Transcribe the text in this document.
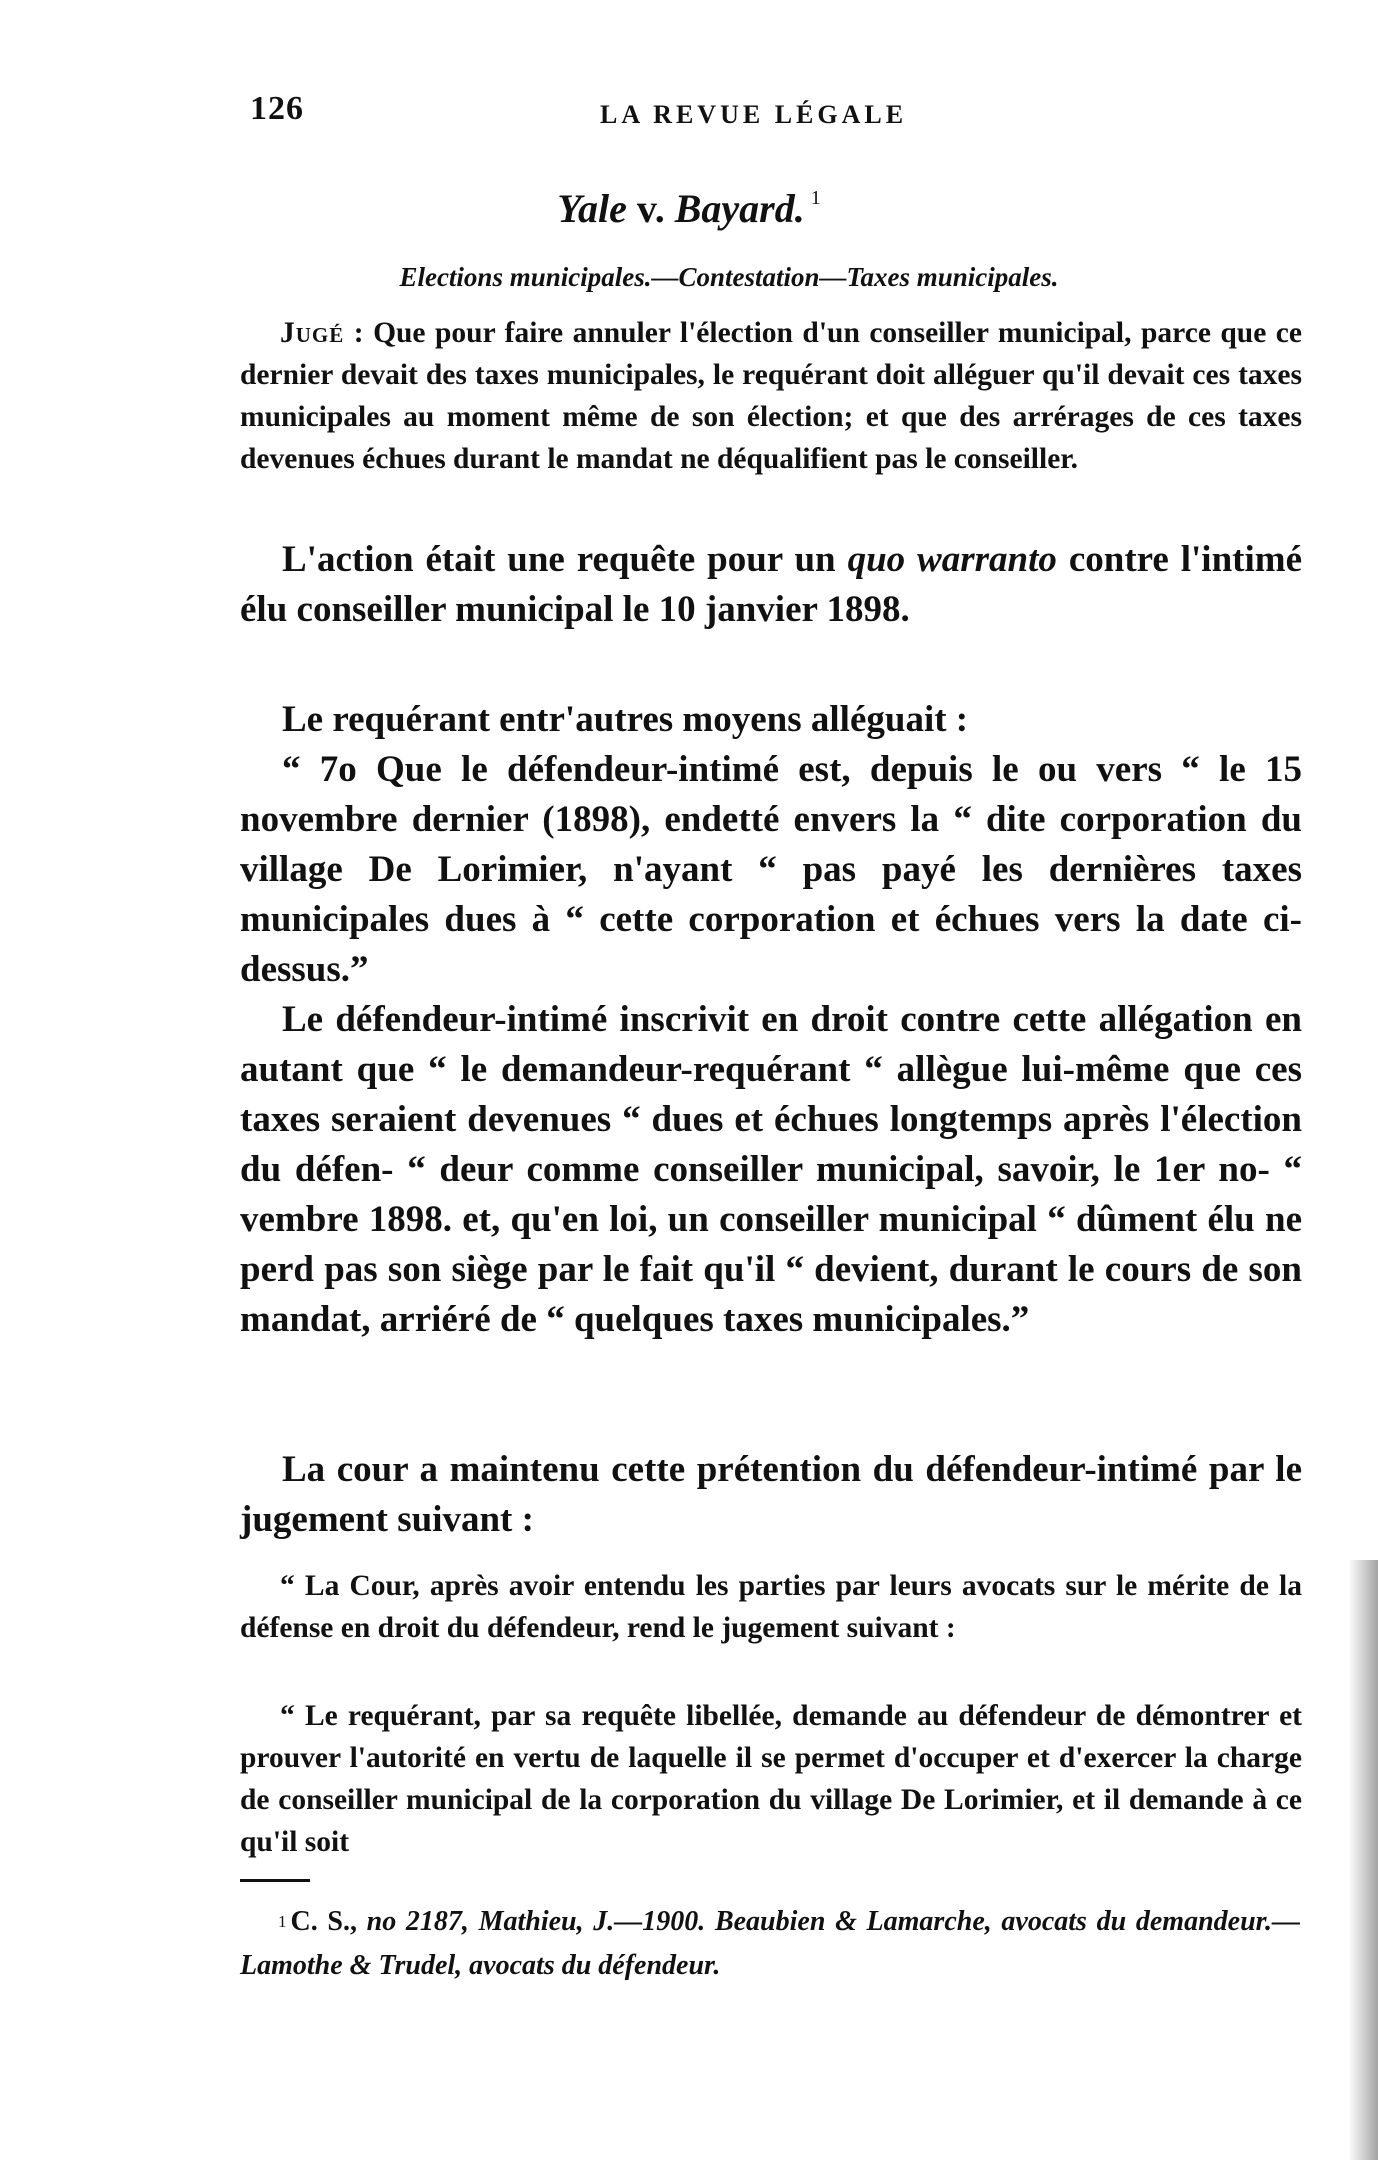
126	LA REVUE LÉGALE
Yale v. Bayard. $^1$
Elections municipales.—Contestation—Taxes municipales.
Jugé : Que pour faire annuler l'élection d'un conseiller municipal, parce que ce dernier devait des taxes municipales, le requérant doit alléguer qu'il devait ces taxes municipales au moment même de son élection; et que des arrérages de ces taxes devenues échues durant le mandat ne déqualifient pas le conseiller.
L'action était une requête pour un quo warranto contre l'intimé élu conseiller municipal le 10 janvier 1898.
Le requérant entr'autres moyens alléguait :
“ 7o Que le défendeur-intimé est, depuis le ou vers “ le 15 novembre dernier (1898), endetté envers la “ dite corporation du village De Lorimier, n'ayant “ pas payé les dernières taxes municipales dues à “ cette corporation et échues vers la date ci-dessus.”
Le défendeur-intimé inscrivit en droit contre cette allégation en autant que “ le demandeur-requérant “ allègue lui-même que ces taxes seraient devenues “ dues et échues longtemps après l'élection du défen- “ deur comme conseiller municipal, savoir, le 1er no- “ vembre 1898. et, qu'en loi, un conseiller municipal “ dûment élu ne perd pas son siège par le fait qu'il “ devient, durant le cours de son mandat, arriéré de “ quelques taxes municipales.”
La cour a maintenu cette prétention du défendeur-intimé par le jugement suivant :
“ La Cour, après avoir entendu les parties par leurs avocats sur le mérite de la défense en droit du défendeur, rend le jugement suivant :
“ Le requérant, par sa requête libellée, demande au défendeur de démontrer et prouver l'autorité en vertu de laquelle il se permet d'occuper et d'exercer la charge de conseiller municipal de la corporation du village De Lorimier, et il demande à ce qu'il soit
$^1$ C. S., no 2187, Mathieu, J.—1900. Beaubien & Lamarche, avocats du demandeur.—Lamothe & Trudel, avocats du défendeur.
